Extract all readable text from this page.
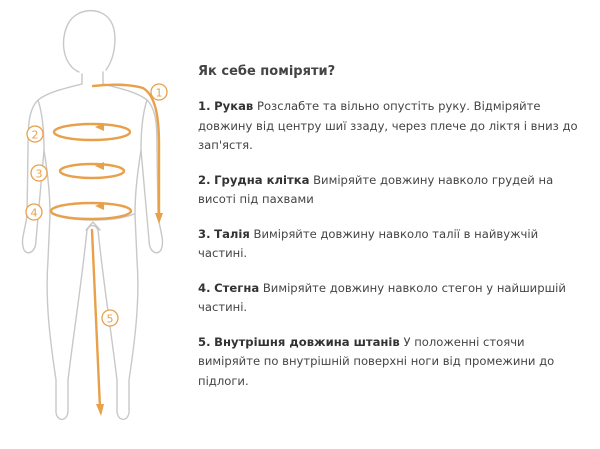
1
2
3
4
5
Як себе поміряти?
1. Рукав Розслабте та вільно опустіть руку. Відміряйте довжину від центру шиї ззаду, через плече до ліктя і вниз до зап'ястя.
2. Грудна клітка Виміряйте довжину навколо грудей на висоті під пахвами
3. Талія Виміряйте довжину навколо талії в найвужчій частині.
4. Стегна Виміряйте довжину навколо стегон у найширшій частині.
5. Внутрішня довжина штанів У положенні стоячи виміряйте по внутрішній поверхні ноги від промежини до підлоги.
